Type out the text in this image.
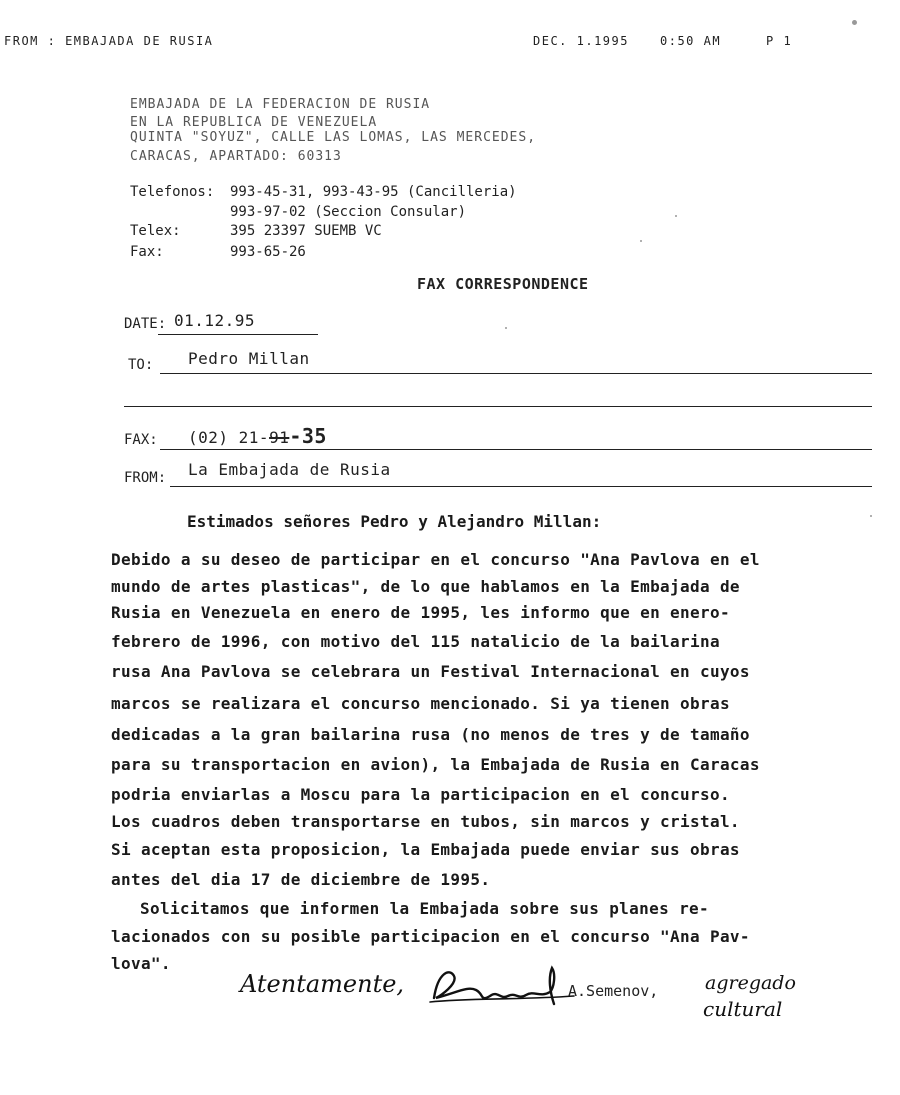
FROM : EMBAJADA DE RUSIA	DEC. 1.1995	0:50 AM	P 1
EMBAJADA DE LA FEDERACION DE RUSIA
EN LA REPUBLICA DE VENEZUELA
QUINTA "SOYUZ", CALLE LAS LOMAS, LAS MERCEDES,
CARACAS, APARTADO: 60313
Telefonos: 993-45-31, 993-43-95 (Cancilleria)
993-97-02 (Seccion Consular)
Telex:	395 23397 SUEMB VC
Fax:	993-65-26
FAX CORRESPONDENCE
DATE: 01.12.95
TO: Pedro Millan
FAX: (02) 21-91-35
FROM: La Embajada de Rusia
Estimados señores Pedro y Alejandro Millan:
Debido a su deseo de participar en el concurso "Ana Pavlova en el
mundo de artes plasticas", de lo que hablamos en la Embajada de
Rusia en Venezuela en enero de 1995, les informo que en enero-
febrero de 1996, con motivo del 115 natalicio de la bailarina
rusa Ana Pavlova se celebrara un Festival Internacional en cuyos
marcos se realizara el concurso mencionado. Si ya tienen obras
dedicadas a la gran bailarina rusa (no menos de tres y de tamaño
para su transportacion en avion), la Embajada de Rusia en Caracas
podria enviarlas a Moscu para la participacion en el concurso.
Los cuadros deben transportarse en tubos, sin marcos y cristal.
Si aceptan esta proposicion, la Embajada puede enviar sus obras
antes del dia 17 de diciembre de 1995.
Solicitamos que informen la Embajada sobre sus planes re-
lacionados con su posible participacion en el concurso "Ana Pav-
lova".
Atentamente,	A.Semenov, agregado
cultural
